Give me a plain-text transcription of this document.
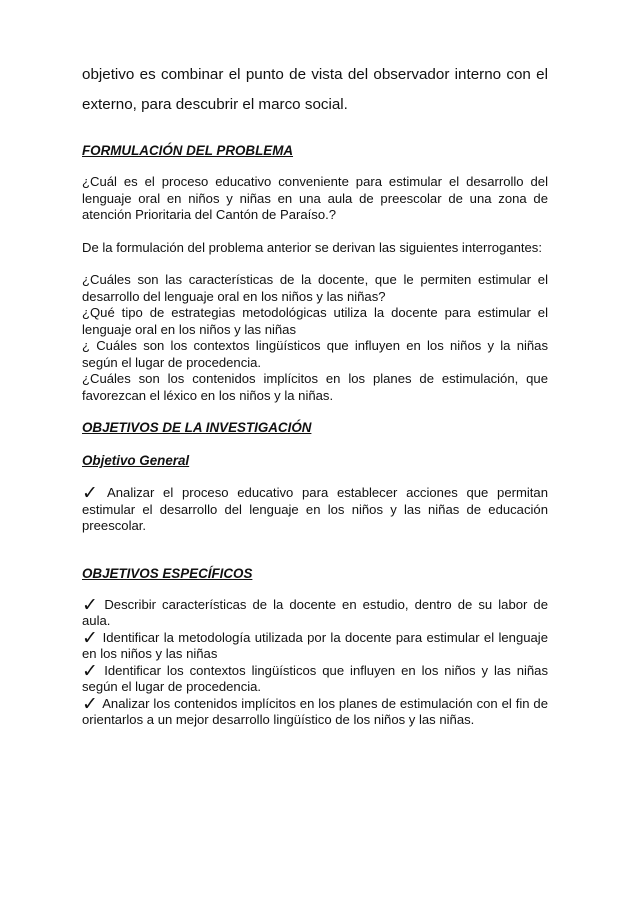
objetivo es combinar el punto de vista del observador interno con el externo, para descubrir el marco social.

FORMULACIÓN DEL PROBLEMA

¿Cuál es el proceso educativo conveniente para estimular el desarrollo del lenguaje oral en niños y niñas en una aula de preescolar de una zona de atención Prioritaria del Cantón de Paraíso.?

De la formulación del problema anterior se derivan las siguientes interrogantes:

¿Cuáles son las características de la docente, que le permiten estimular el desarrollo del lenguaje oral en los niños y las niñas?

¿Qué tipo de estrategias metodológicas utiliza la docente para estimular el lenguaje oral en los niños y las niñas

¿ Cuáles son los contextos lingüísticos que influyen en los niños y la niñas según el lugar de procedencia.

¿Cuáles son los contenidos implícitos en los planes de estimulación, que favorezcan el léxico en los niños y la niñas.

OBJETIVOS DE LA INVESTIGACIÓN

Objetivo General

✓ Analizar el proceso educativo para establecer acciones que permitan estimular el desarrollo del lenguaje en los niños y las niñas de educación preescolar.

OBJETIVOS ESPECÍFICOS

✓ Describir características de la docente en estudio, dentro de su labor de aula.

✓ Identificar la metodología utilizada por la docente para estimular el lenguaje en los niños y las niñas

✓ Identificar los contextos lingüísticos que influyen en los niños y las niñas según el lugar de procedencia.

✓ Analizar los contenidos implícitos en los planes de estimulación con el fin de orientarlos a un mejor desarrollo lingüístico de los niños y las niñas.
